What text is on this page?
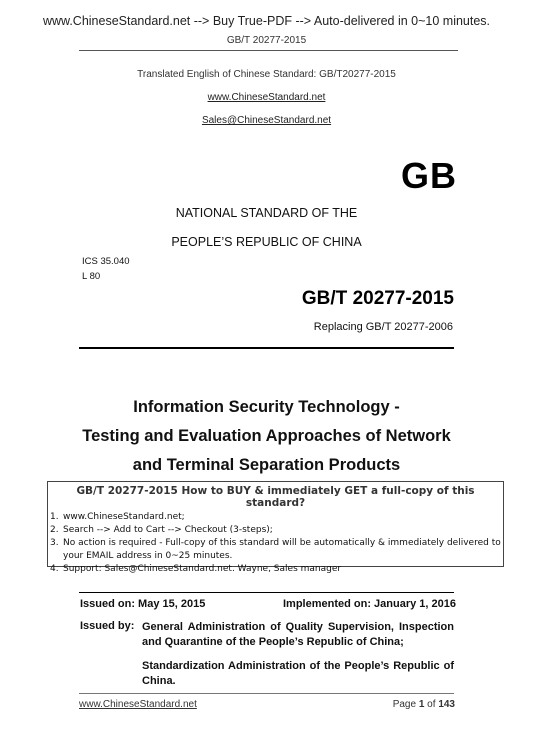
www.ChineseStandard.net --> Buy True-PDF --> Auto-delivered in 0~10 minutes.
GB/T 20277-2015
Translated English of Chinese Standard: GB/T20277-2015
www.ChineseStandard.net
Sales@ChineseStandard.net
GB
NATIONAL STANDARD OF THE
PEOPLE’S REPUBLIC OF CHINA
ICS 35.040
L 80
GB/T 20277-2015
Replacing GB/T 20277-2006
Information Security Technology -
Testing and Evaluation Approaches of Network
and Terminal Separation Products
GB/T 20277-2015 How to BUY & immediately GET a full-copy of this standard?
1. www.ChineseStandard.net;
2. Search --> Add to Cart --> Checkout (3-steps);
3. No action is required - Full-copy of this standard will be automatically & immediately delivered to your EMAIL address in 0~25 minutes.
4. Support: Sales@ChineseStandard.net. Wayne, Sales manager
Issued on: May 15, 2015	Implemented on: January 1, 2016
Issued by: General Administration of Quality Supervision, Inspection and Quarantine of the People’s Republic of China;
Standardization Administration of the People’s Republic of China.
www.ChineseStandard.net	Page 1 of 143
